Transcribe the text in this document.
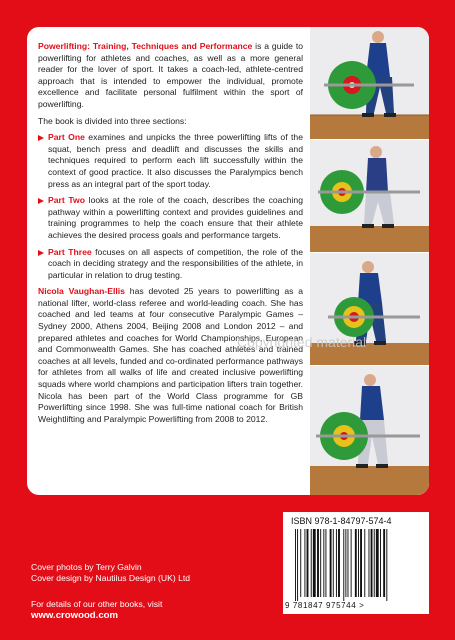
Powerlifting: Training, Techniques and Performance is a guide to powerlifting for athletes and coaches, as well as a more general reader for the lover of sport. It takes a coach-led, athlete-centred approach that is intended to empower the individual, promote excellence and facilitate personal fulfilment within the sport of powerlifting.

The book is divided into three sections:

Part One examines and unpicks the three powerlifting lifts of the squat, bench press and deadlift and discusses the skills and techniques required to perform each lift successfully within the context of good practice. It also discusses the Paralympics bench press as an integral part of the sport today.

Part Two looks at the role of the coach, describes the coaching pathway within a powerlifting context and provides guidelines and training programmes to help the coach ensure that their athlete achieves the desired process goals and performance targets.

Part Three focuses on all aspects of competition, the role of the coach in deciding strategy and the responsibilities of the athlete, in particular in relation to drug testing.

Nicola Vaughan-Ellis has devoted 25 years to powerlifting as a national lifter, world-class referee and world-leading coach. She has coached and led teams at four consecutive Paralympic Games – Sydney 2000, Athens 2004, Beijing 2008 and London 2012 – and prepared athletes and coaches for World Championships, European and Commonwealth Games. She has coached athletes and trained coaches at all levels, funded and co-ordinated performance pathways for athletes from all walks of life and created inclusive powerlifting squads where world champions and participation lifters train together. Nicola has been part of the World Class programme for GB Powerlifting since 1998. She was full-time national coach for British Weightlifting and Paralympic Powerlifting from 2008 to 2012.

Copyrighted material
Cover photos by Terry Galvin
Cover design by Nautilus Design (UK) Ltd
For details of our other books, visit
www.crowood.com
ISBN 978-1-84797-574-4
9 781847 975744 >
